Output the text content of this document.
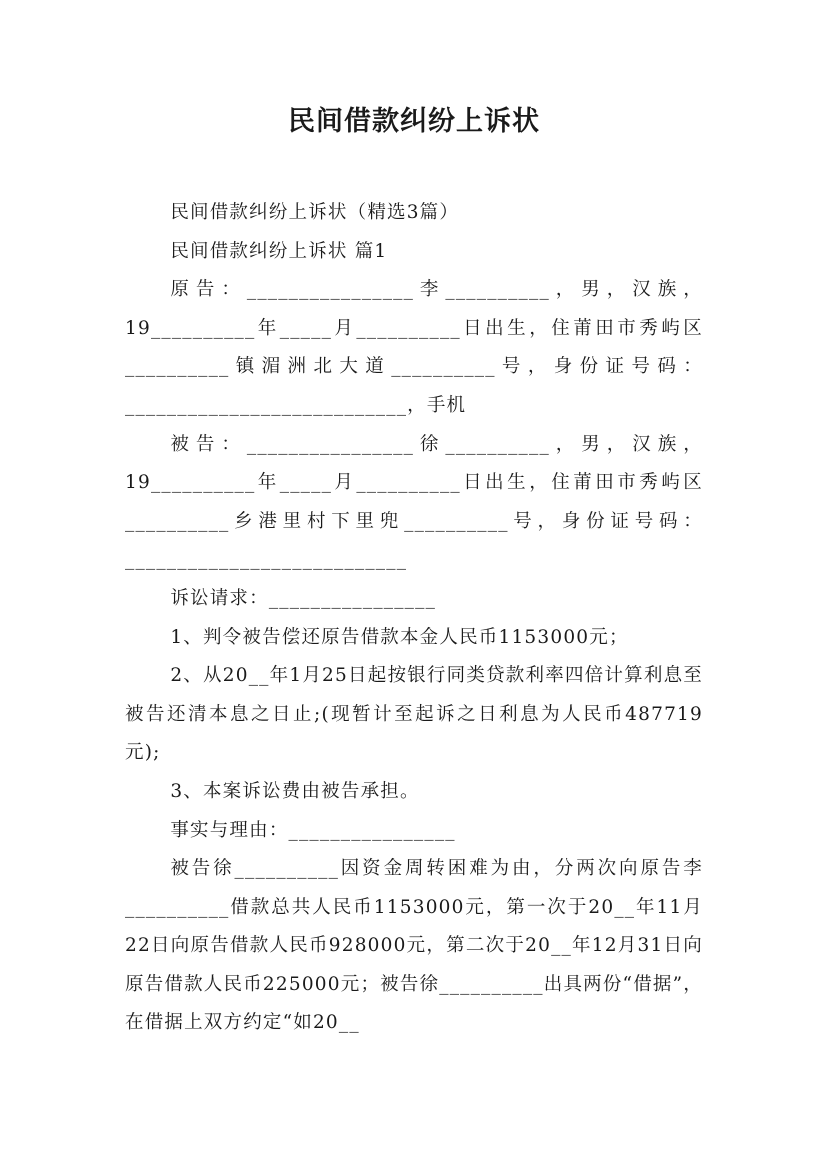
民间借款纠纷上诉状

民间借款纠纷上诉状（精选3篇）

民间借款纠纷上诉状 篇1

原告：________________李__________，男，汉族，19__________年_____月__________日出生，住莆田市秀屿区__________镇湄洲北大道__________号，身份证号码：___________________________，手机

被告：________________徐__________，男，汉族，19__________年_____月__________日出生，住莆田市秀屿区__________乡港里村下里兜__________号，身份证号码：___________________________

诉讼请求：________________

1、判令被告偿还原告借款本金人民币1153000元；

2、从20__年1月25日起按银行同类贷款利率四倍计算利息至被告还清本息之日止;(现暂计至起诉之日利息为人民币487719元);

3、本案诉讼费由被告承担。

事实与理由：________________

被告徐__________因资金周转困难为由，分两次向原告李__________借款总共人民币1153000元，第一次于20__年11月22日向原告借款人民币928000元，第二次于20__年12月31日向原告借款人民币225000元；被告徐__________出具两份“借据”，在借据上双方约定“如20__
